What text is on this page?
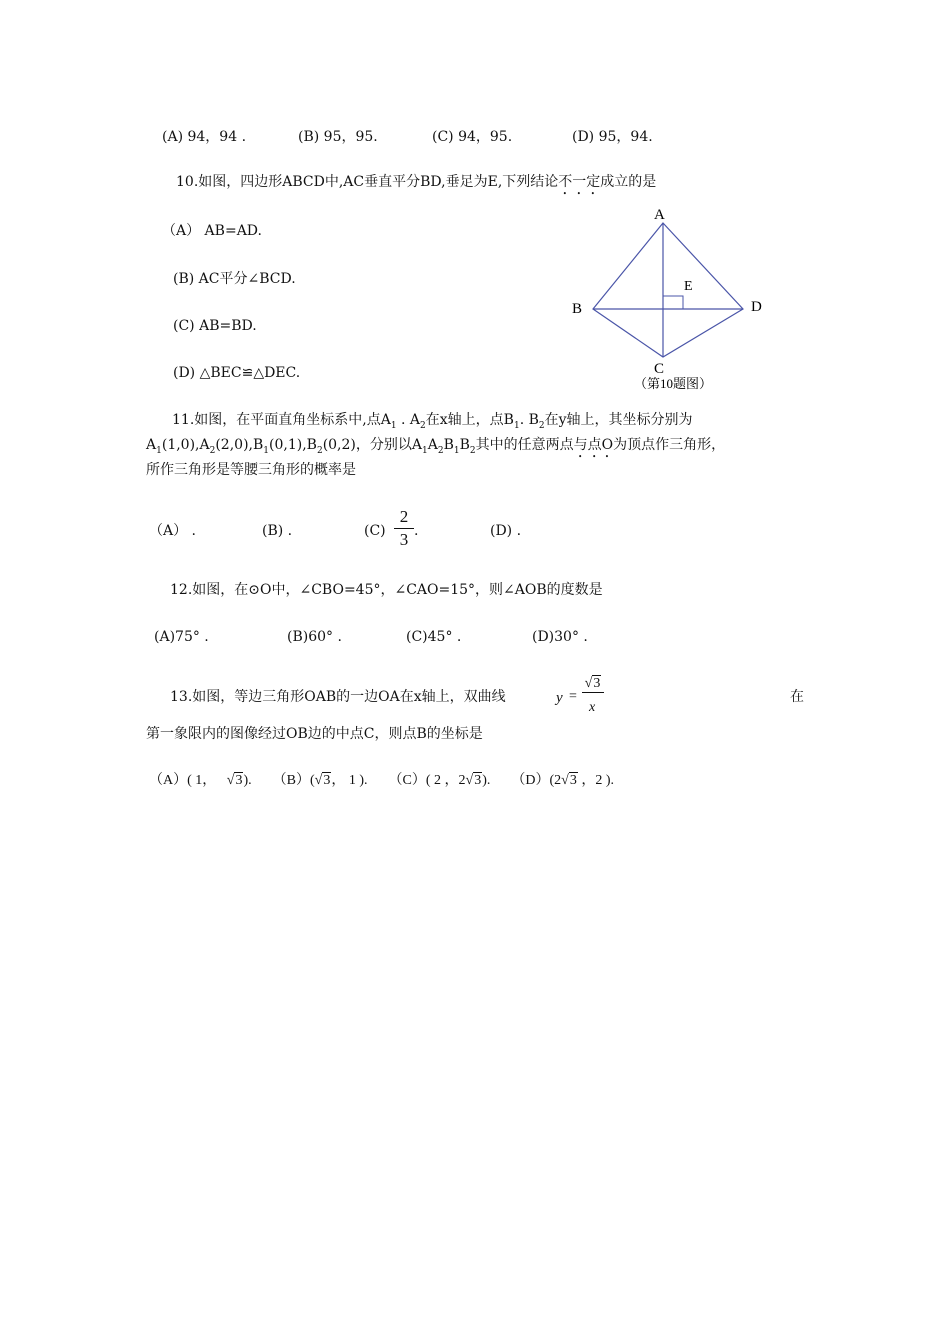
(A) 94，94 .	(B) 95，95.	(C) 94，95.	(D) 95，94.
10.如图，四边形ABCD中,AC垂直平分BD,垂足为E,下列结论不一定成立的是
（A） AB=AD.
(B) AC平分∠BCD.
(C) AB=BD.
(D) △BEC≌△DEC.
A
B
C
D
E
（第10题图）
11.如图，在平面直角坐标系中,点$A_1$ . $A_2$在x轴上，点$B_1$. $B_2$在y轴上，其坐标分别为
$A_1(1,0),A_2(2,0),B_1(0,1),B_2(0,2)$，分别以$A_1A_2B_1B_2$其中的任意两点与点O为顶点作三角形，
所作三角形是等腰三角形的概率是
（A） .	(B) .	$(C) \frac{2}{3}$ .	(D) .
12.如图，在⊙O中，∠CBO=45°，∠CAO=15°，则∠AOB的度数是
(A)75° .	(B)60° .	(C)45° .	(D)30° .
13.如图，等边三角形OAB的一边OA在x轴上，双曲线	y =
√3
x
在
第一象限内的图像经过OB边的中点C，则点B的坐标是
（A）( 1， √3). （B）(√3， 1 ). （C）( 2 ，2√3). （D）(2√3 ，2 ).
